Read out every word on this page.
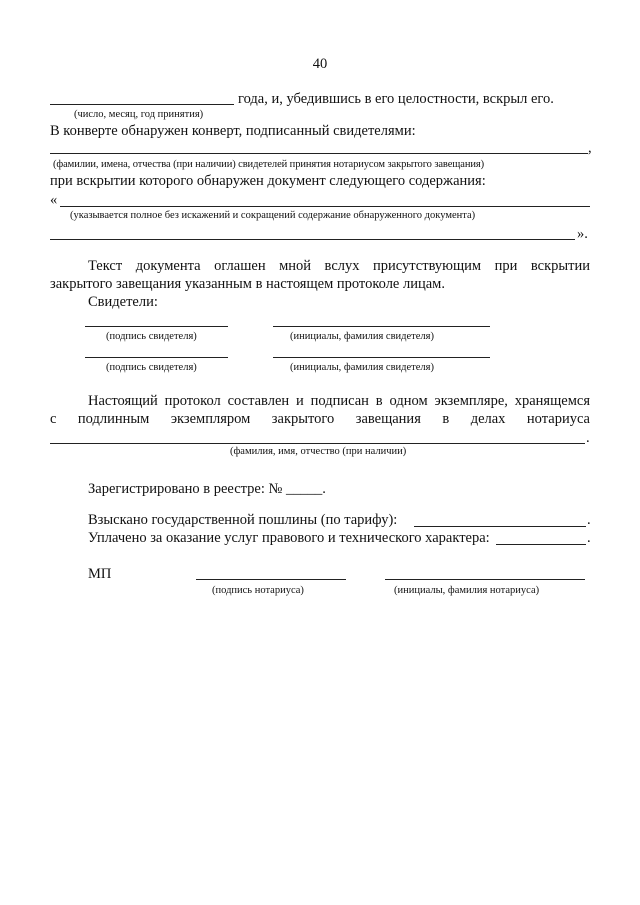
40
года, и, убедившись в его целостности, вскрыл его.
(число, месяц, год принятия)
В конверте обнаружен конверт, подписанный свидетелями:
,
(фамилии, имена, отчества (при наличии) свидетелей принятия нотариусом закрытого завещания)
при вскрытии которого обнаружен документ следующего содержания:
«
(указывается полное без искажений и сокращений содержание обнаруженного документа)
».
Текст документа оглашен мной вслух присутствующим при вскрытии
закрытого завещания указанным в настоящем протоколе лицам.
Свидетели:
(подпись свидетеля)	(инициалы, фамилия свидетеля)
(подпись свидетеля)	(инициалы, фамилия свидетеля)
Настоящий протокол составлен и подписан в одном экземпляре, хранящемся
с подлинным экземпляром закрытого завещания в делах нотариуса
.
(фамилия, имя, отчество (при наличии)
Зарегистрировано в реестре: № _____.
Взыскано государственной пошлины (по тарифу):	.
Уплачено за оказание услуг правового и технического характера:	.
МП
(подпись нотариуса)	(инициалы, фамилия нотариуса)
